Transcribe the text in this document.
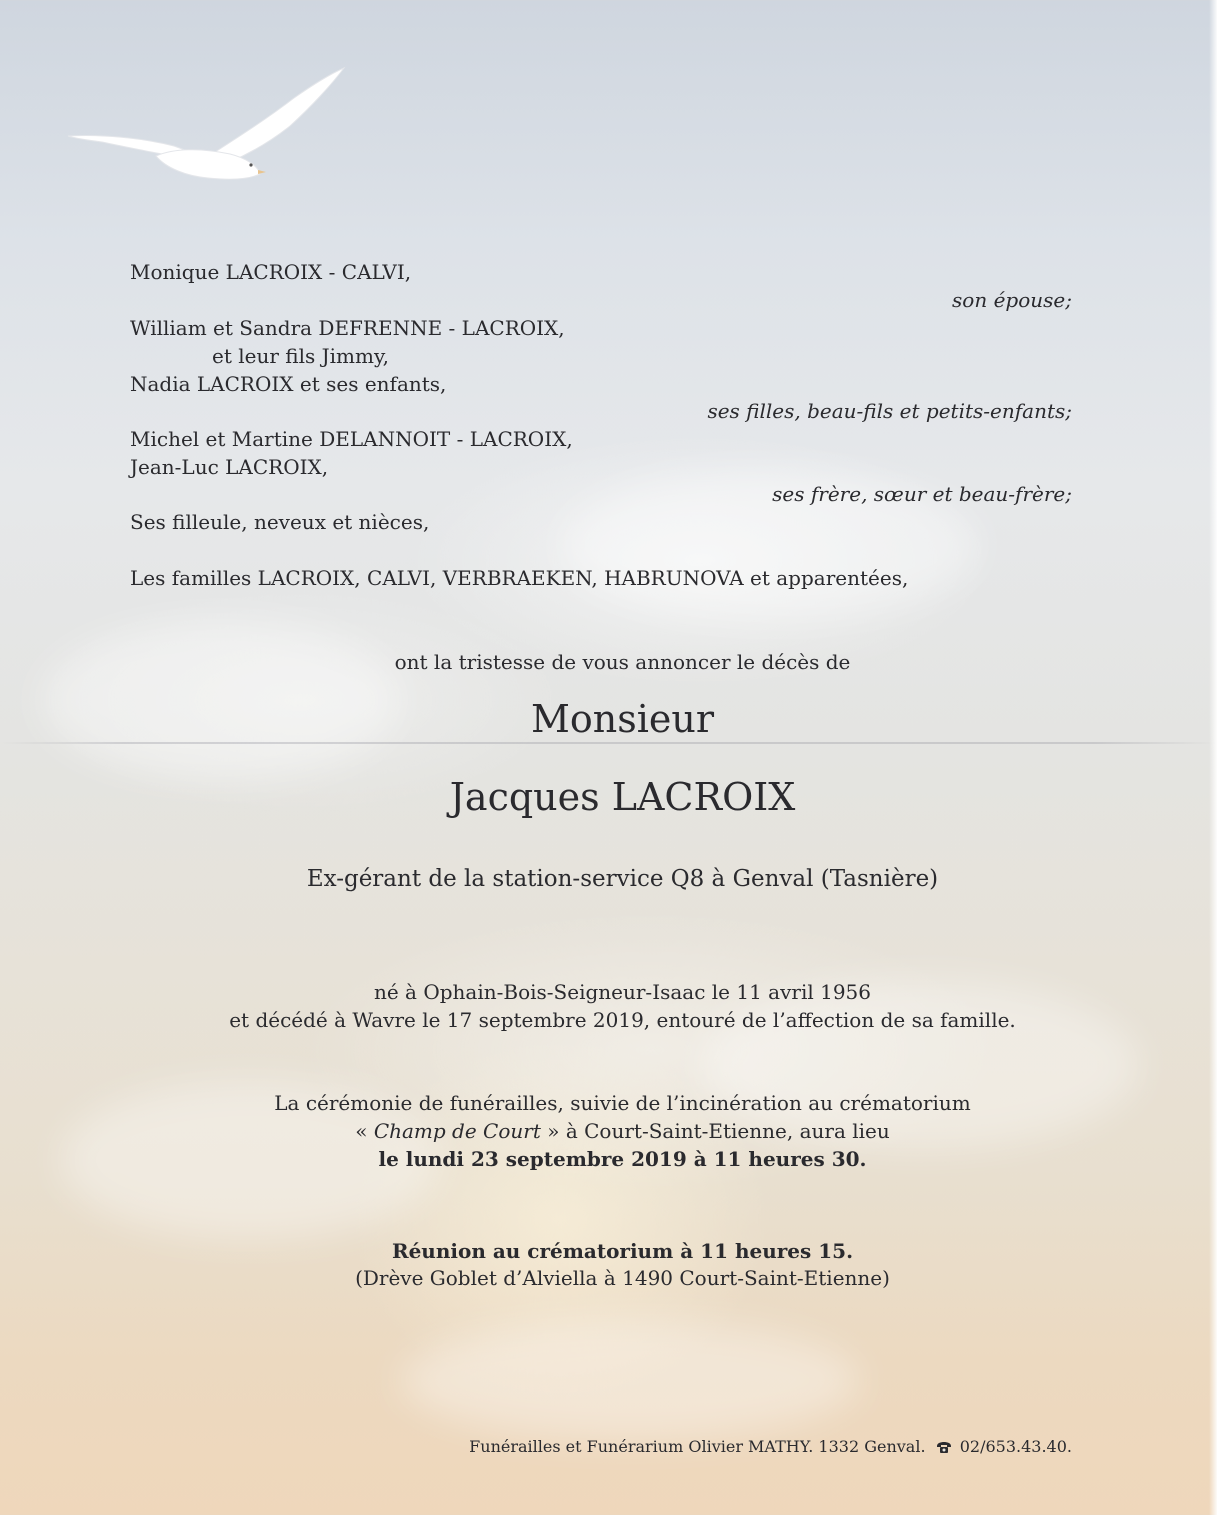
Monique LACROIX - CALVI,
son épouse;
William et Sandra DEFRENNE - LACROIX,
et leur fils Jimmy,
Nadia LACROIX et ses enfants,
ses filles, beau-fils et petits-enfants;
Michel et Martine DELANNOIT - LACROIX,
Jean-Luc LACROIX,
ses frère, sœur et beau-frère;
Ses filleule, neveux et nièces,
Les familles LACROIX, CALVI, VERBRAEKEN, HABRUNOVA et apparentées,
ont la tristesse de vous annoncer le décès de
Monsieur
Jacques LACROIX
Ex-gérant de la station-service Q8 à Genval (Tasnière)
né à Ophain-Bois-Seigneur-Isaac le 11 avril 1956
et décédé à Wavre le 17 septembre 2019, entouré de l’affection de sa famille.
La cérémonie de funérailles, suivie de l’incinération au crématorium
« Champ de Court » à Court-Saint-Etienne, aura lieu
le lundi 23 septembre 2019 à 11 heures 30.
Réunion au crématorium à 11 heures 15.
(Drève Goblet d’Alviella à 1490 Court-Saint-Etienne)
Funérailles et Funérarium Olivier MATHY. 1332 Genval. 02/653.43.40.
